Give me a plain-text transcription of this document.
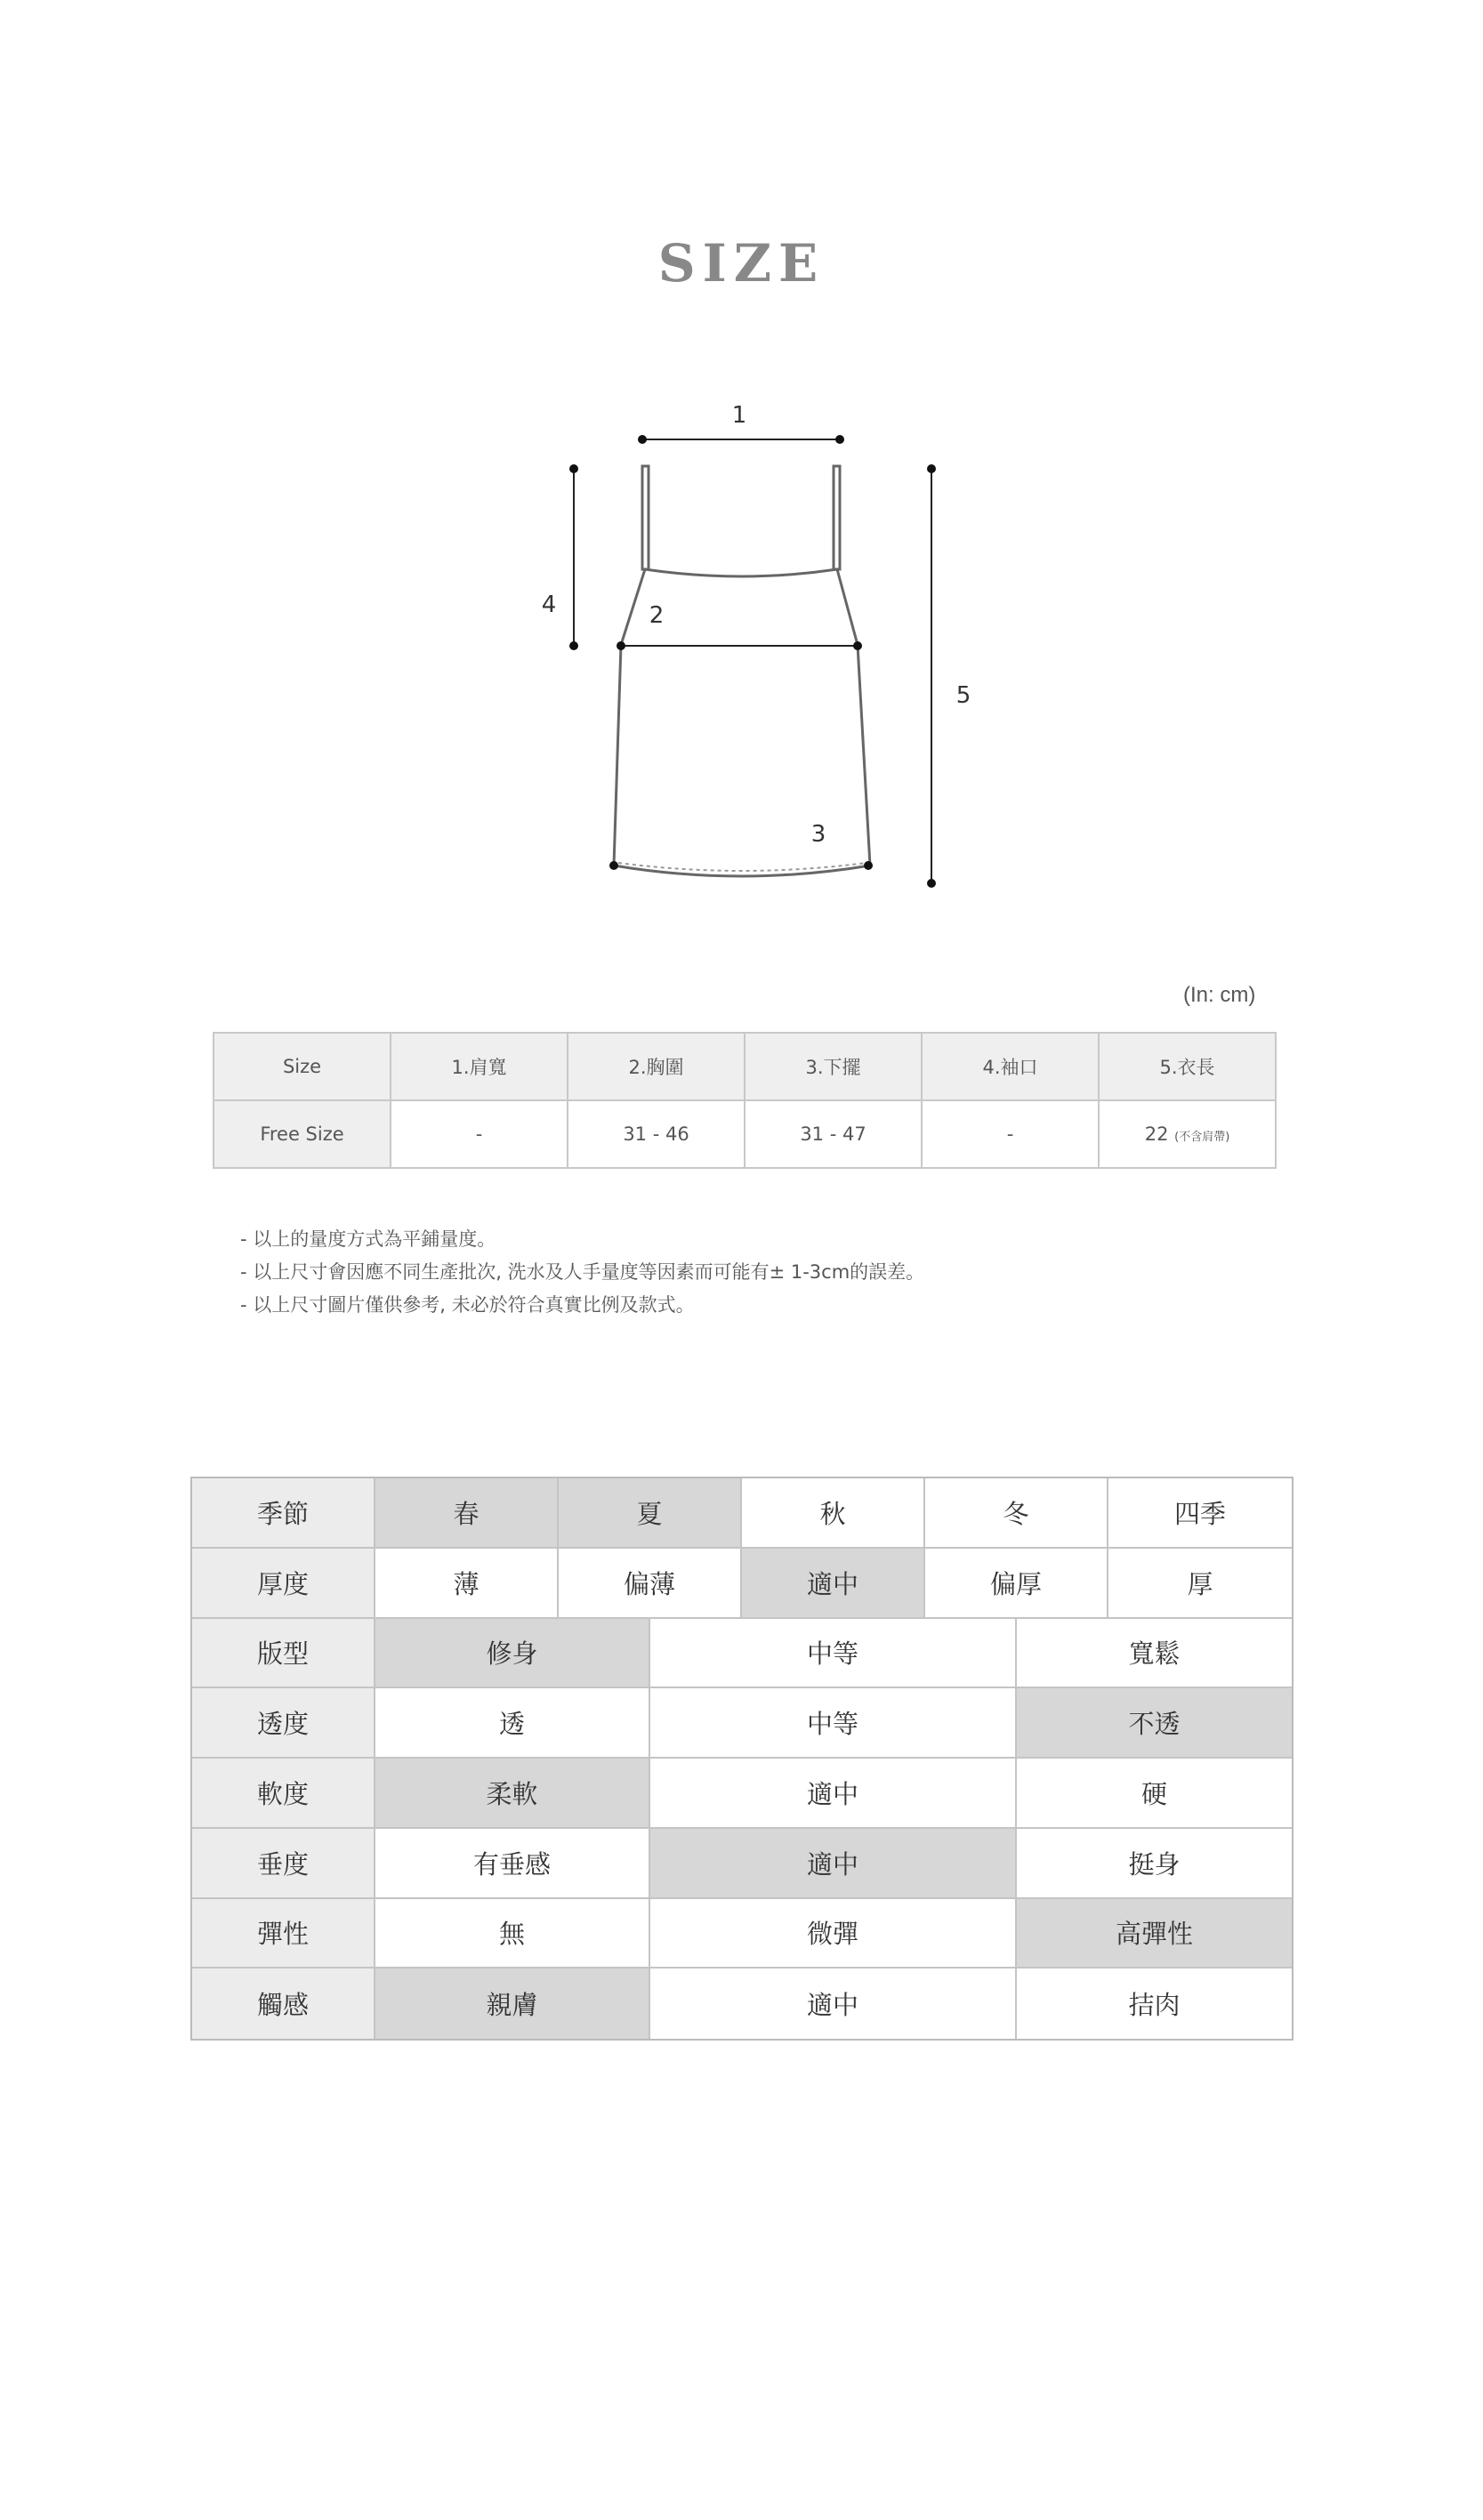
SIZE
1
2
3
4
5
(In: cm)
Size	1.肩寬	2.胸圍	3.下擺	4.袖口	5.衣長
Free Size	-	31 - 46	31 - 47	-	22 (不含肩帶)
- 以上的量度方式為平鋪量度。
- 以上尺寸會因應不同生產批次, 洗水及人手量度等因素而可能有± 1-3cm的誤差。
- 以上尺寸圖片僅供參考, 未必於符合真實比例及款式。
季節	春	夏	秋	冬	四季
厚度	薄	偏薄	適中	偏厚	厚
版型	修身	中等	寬鬆
透度	透	中等	不透
軟度	柔軟	適中	硬
垂度	有垂感	適中	挺身
彈性	無	微彈	高彈性
觸感	親膚	適中	拮肉
